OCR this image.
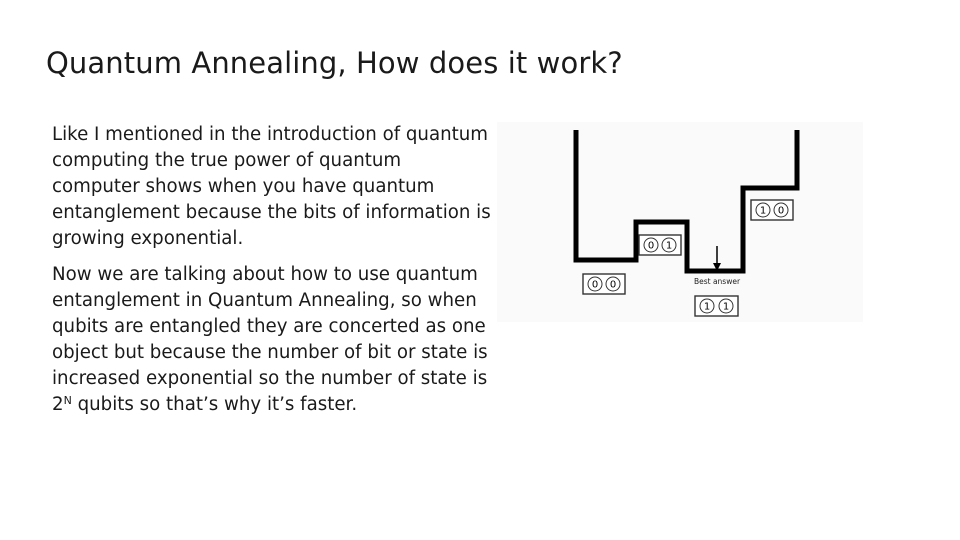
Quantum Annealing, How does it work?

Like I mentioned in the introduction of quantum computing the true power of quantum computer shows when you have quantum entanglement because the bits of information is growing exponential.

Now we are talking about how to use quantum entanglement in Quantum Annealing, so when qubits are entangled they are concerted as one object but because the number of bit or state is increased exponential so the number of state is $2^N$ qubits so that’s why it’s faster.

0 0
0 1
1 1
1 0
Best answer
